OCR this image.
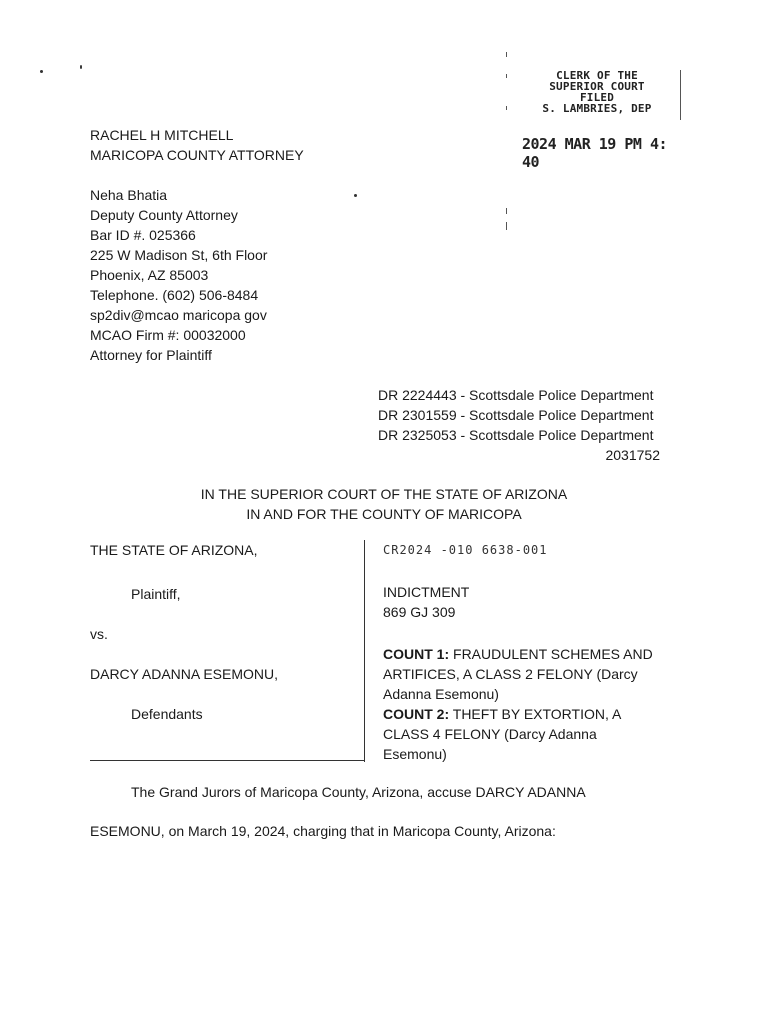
CLERK OF THE
SUPERIOR COURT
FILED
S. LAMBRIES, DEP
2024 MAR 19 PM 4: 40
RACHEL H MITCHELL
MARICOPA COUNTY ATTORNEY
Neha Bhatia
Deputy County Attorney
Bar ID #. 025366
225 W Madison St, 6th Floor
Phoenix, AZ 85003
Telephone. (602) 506-8484
sp2div@mcao maricopa gov
MCAO Firm #: 00032000
Attorney for Plaintiff
DR 2224443 - Scottsdale Police Department
DR 2301559 - Scottsdale Police Department
DR 2325053 - Scottsdale Police Department
2031752
IN THE SUPERIOR COURT OF THE STATE OF ARIZONA
IN AND FOR THE COUNTY OF MARICOPA
THE STATE OF ARIZONA,
Plaintiff,
vs.
DARCY ADANNA ESEMONU,
Defendants
CR2024 -010 6638-001
INDICTMENT
869 GJ 309
COUNT 1: FRAUDULENT SCHEMES AND ARTIFICES, A CLASS 2 FELONY (Darcy Adanna Esemonu)
COUNT 2: THEFT BY EXTORTION, A CLASS 4 FELONY (Darcy Adanna Esemonu)
The Grand Jurors of Maricopa County, Arizona, accuse DARCY ADANNA
ESEMONU, on March 19, 2024, charging that in Maricopa County, Arizona:
